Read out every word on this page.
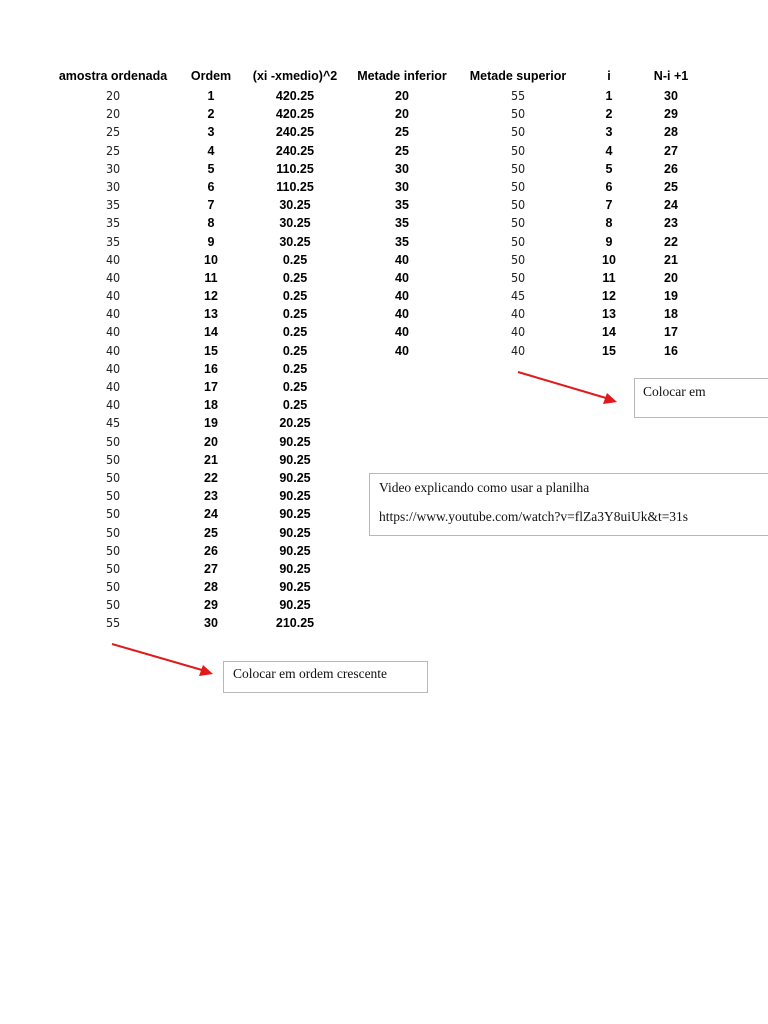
amostra ordenada Ordem (xi -xmedio)^2 Metade inferior Metade superior	i	N-i +1
20
20
25
25
30
30
35
35
35
40
40
40
40
40
40
40
40
40
45
50
50
50
50
50
50
50
50
50
50
55
1
2
3
4
5
6
7
8
9
10
11
12
13
14
15
16
17
18
19
20
21
22
23
24
25
26
27
28
29
30
420.25
420.25
240.25
240.25
110.25
110.25
30.25
30.25
30.25
0.25
0.25
0.25
0.25
0.25
0.25
0.25
0.25
0.25
20.25
90.25
90.25
90.25
90.25
90.25
90.25
90.25
90.25
90.25
90.25
210.25
20
20
25
25
30
30
35
35
35
40
40
40
40
40
40
55
50
50
50
50
50
50
50
50
50
50
45
40
40
40
1
2
3
4
5
6
7
8
9
10
11
12
13
14
15
30
29
28
27
26
25
24
23
22
21
20
19
18
17
16
Colocar em
Video explicando como usar a planilha
https://www.youtube.com/watch?v=flZa3Y8uiUk&t=31s
Colocar em ordem crescente
